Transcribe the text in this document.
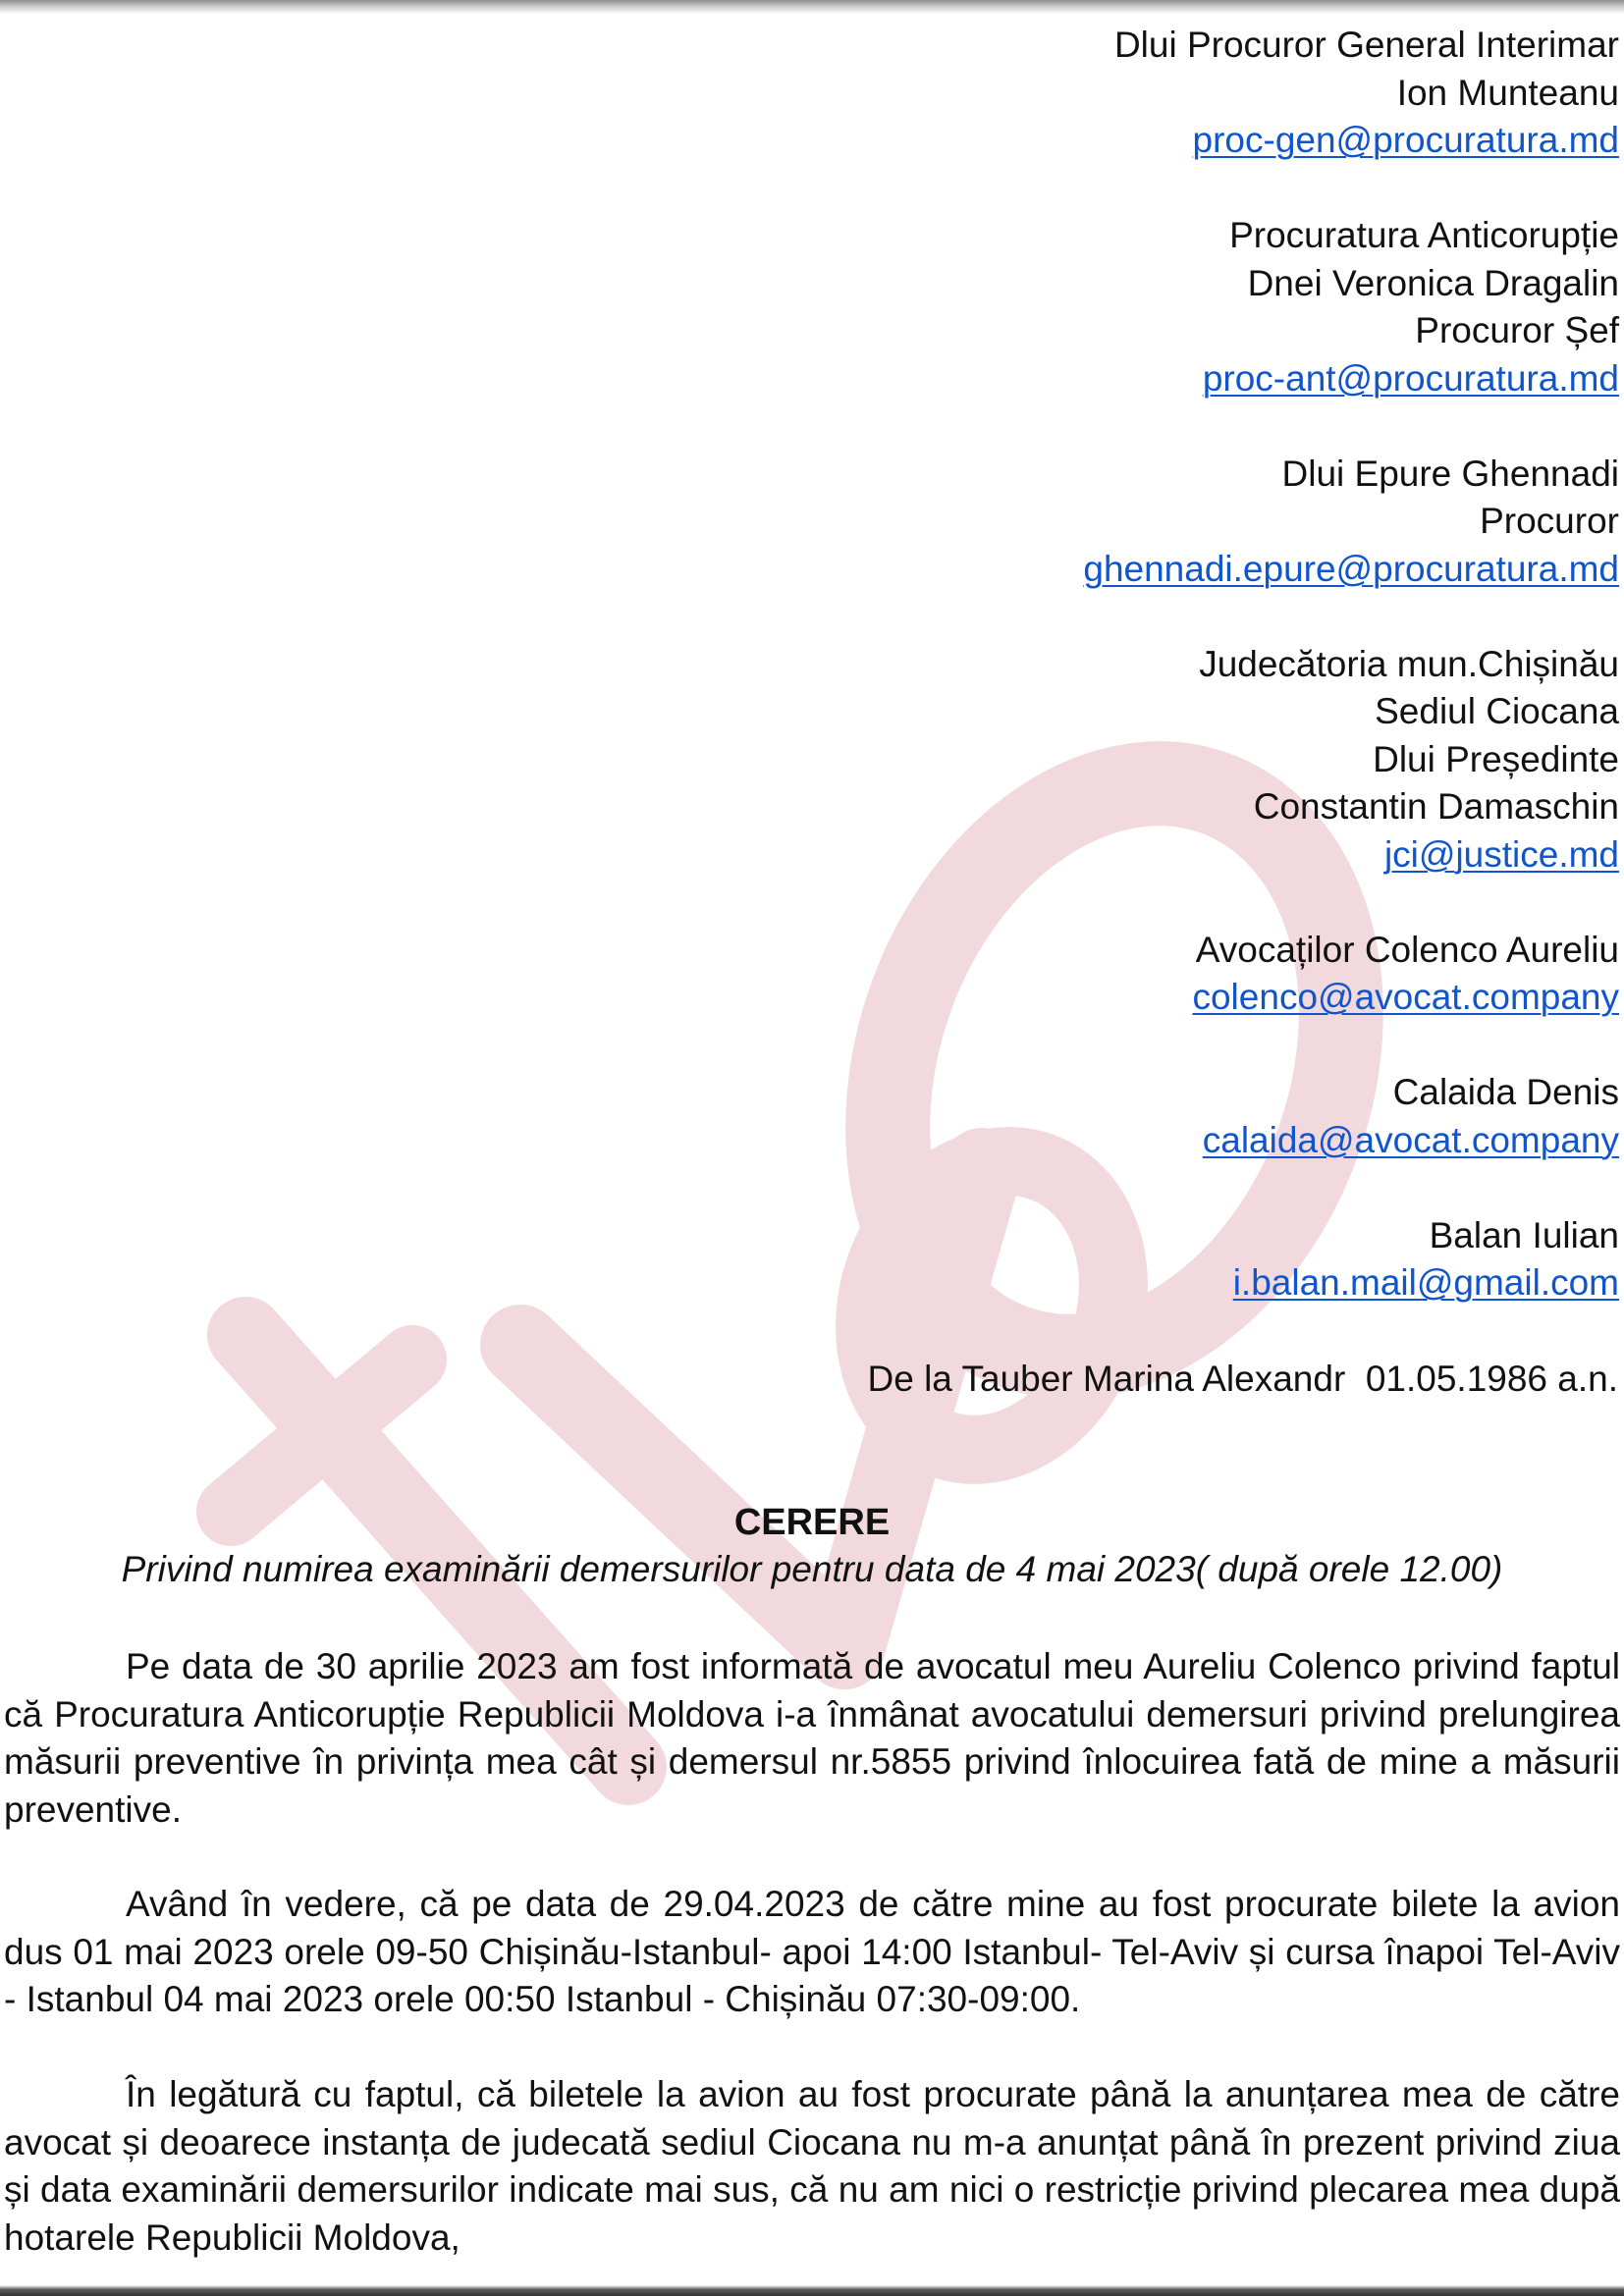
Dlui Procuror General Interimar
Ion Munteanu
proc-gen@procuratura.md
Procuratura Anticorupție
Dnei Veronica Dragalin
Procuror Șef
proc-ant@procuratura.md
Dlui Epure Ghennadi
Procuror
ghennadi.epure@procuratura.md
Judecătoria mun.Chișinău
Sediul Ciocana
Dlui Președinte
Constantin Damaschin
jci@justice.md
Avocaților Colenco Aureliu
colenco@avocat.company
Calaida Denis
calaida@avocat.company
Balan Iulian
i.balan.mail@gmail.com
De la Tauber Marina Alexandr  01.05.1986 a.n.
CERERE
Privind numirea examinării demersurilor pentru data de 4 mai 2023( după orele 12.00)
Pe data de 30 aprilie 2023 am fost informată de avocatul meu Aureliu Colenco privind faptul că Procuratura Anticorupție Republicii Moldova i-a înmânat avocatului demersuri privind prelungirea măsurii preventive în privința mea cât și demersul nr.5855 privind înlocuirea fată de mine a măsurii preventive.
Având în vedere, că pe data de 29.04.2023 de către mine au fost procurate bilete la avion dus 01 mai 2023 orele 09-50 Chișinău-Istanbul- apoi 14:00 Istanbul- Tel-Aviv și cursa înapoi Tel-Aviv - Istanbul 04 mai 2023 orele 00:50 Istanbul - Chișinău 07:30-09:00.
În legătură cu faptul, că biletele la avion au fost procurate până la anunțarea mea de către avocat și deoarece instanța de judecată sediul Ciocana nu m-a anunțat până în prezent privind ziua și data examinării demersurilor indicate mai sus, că nu am nici o restricție privind plecarea mea după hotarele Republicii Moldova,
